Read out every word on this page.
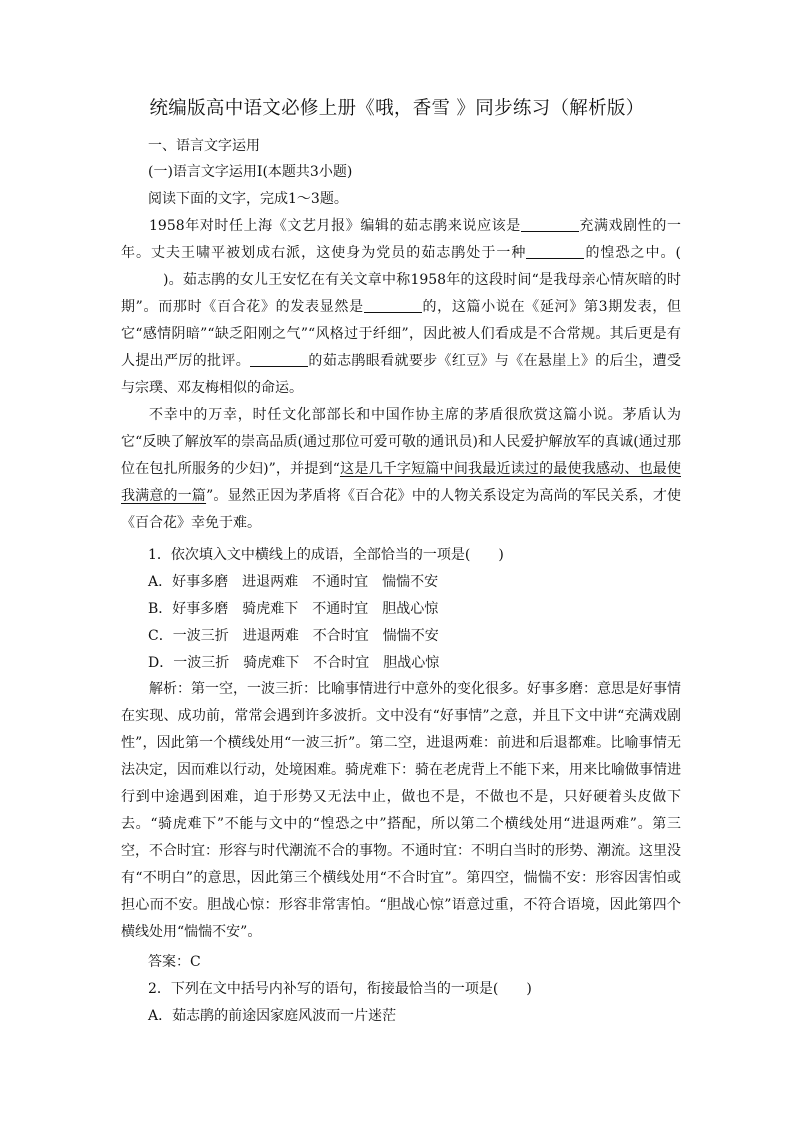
统编版高中语文必修上册《哦，香雪 》同步练习（解析版）
一、语言文字运用
(一)语言文字运用Ⅰ(本题共3小题)
阅读下面的文字，完成1～3题。

1958年对时任上海《文艺月报》编辑的茹志鹃来说应该是	充满戏剧性的一年。丈夫王啸平被划成右派，这使身为党员的茹志鹃处于一种	的惶恐之中。()。茹志鹃的女儿王安忆在有关文章中称1958年的这段时间“是我母亲心情灰暗的时期”。而那时《百合花》的发表显然是	的，这篇小说在《延河》第3期发表，但它“感情阴暗”“缺乏阳刚之气”“风格过于纤细”，因此被人们看成是不合常规。其后更是有人提出严厉的批评。	的茹志鹃眼看就要步《红豆》与《在悬崖上》的后尘，遭受与宗璞、邓友梅相似的命运。

不幸中的万幸，时任文化部部长和中国作协主席的茅盾很欣赏这篇小说。茅盾认为它“反映了解放军的崇高品质(通过那位可爱可敬的通讯员)和人民爱护解放军的真诚(通过那位在包扎所服务的少妇)”，并提到“这是几千字短篇中间我最近读过的最使我感动、也最使我满意的一篇”。显然正因为茅盾将《百合花》中的人物关系设定为高尚的军民关系，才使《百合花》幸免于难。

1．依次填入文中横线上的成语，全部恰当的一项是(　　)
A．好事多磨　进退两难　不通时宜　惴惴不安
B．好事多磨　骑虎难下　不通时宜　胆战心惊
C．一波三折　进退两难　不合时宜　惴惴不安
D．一波三折　骑虎难下　不合时宜　胆战心惊

解析：第一空，一波三折：比喻事情进行中意外的变化很多。好事多磨：意思是好事情在实现、成功前，常常会遇到许多波折。文中没有“好事情”之意，并且下文中讲“充满戏剧性”，因此第一个横线处用“一波三折”。第二空，进退两难：前进和后退都难。比喻事情无法决定，因而难以行动，处境困难。骑虎难下：骑在老虎背上不能下来，用来比喻做事情进行到中途遇到困难，迫于形势又无法中止，做也不是，不做也不是，只好硬着头皮做下去。“骑虎难下”不能与文中的“惶恐之中”搭配，所以第二个横线处用“进退两难”。第三空，不合时宜：形容与时代潮流不合的事物。不通时宜：不明白当时的形势、潮流。这里没有“不明白”的意思，因此第三个横线处用“不合时宜”。第四空，惴惴不安：形容因害怕或担心而不安。胆战心惊：形容非常害怕。“胆战心惊”语意过重，不符合语境，因此第四个横线处用“惴惴不安”。

答案：C
2．下列在文中括号内补写的语句，衔接最恰当的一项是(　　)
A．茹志鹃的前途因家庭风波而一片迷茫
